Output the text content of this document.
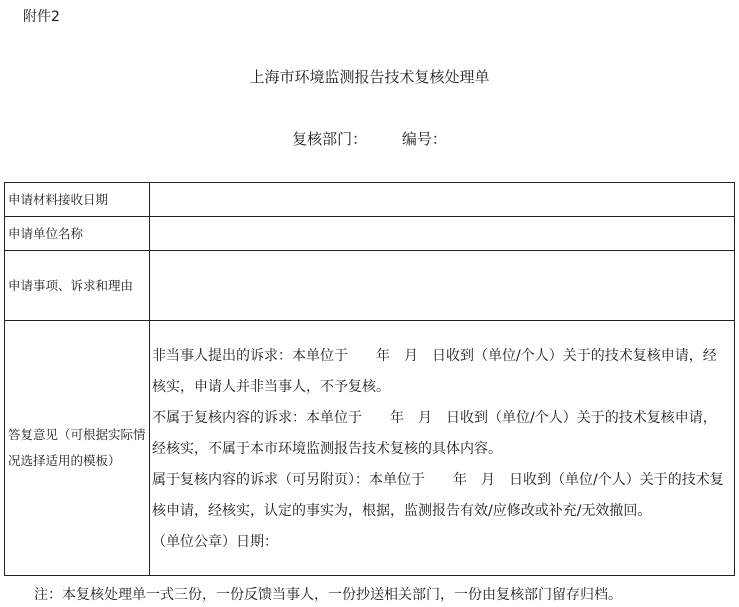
附件2
上海市环境监测报告技术复核处理单
复核部门： 编号：
申请材料接收日期	
申请单位名称	
申请事项、诉求和理由	
答复意见（可根据实际情况选择适用的模板）	非当事人提出的诉求：本单位于　　年　月　日收到（单位/个人）关于的技术复核申请，经核实，申请人并非当事人，不予复核。

不属于复核内容的诉求：本单位于　　年　月　日收到（单位/个人）关于的技术复核申请，经核实，不属于本市环境监测报告技术复核的具体内容。

属于复核内容的诉求（可另附页）：本单位于　　年　月　日收到（单位/个人）关于的技术复核申请，经核实，认定的事实为，根据，监测报告有效/应修改或补充/无效撤回。

（单位公章）日期：

注：本复核处理单一式三份，一份反馈当事人，一份抄送相关部门，一份由复核部门留存归档。
